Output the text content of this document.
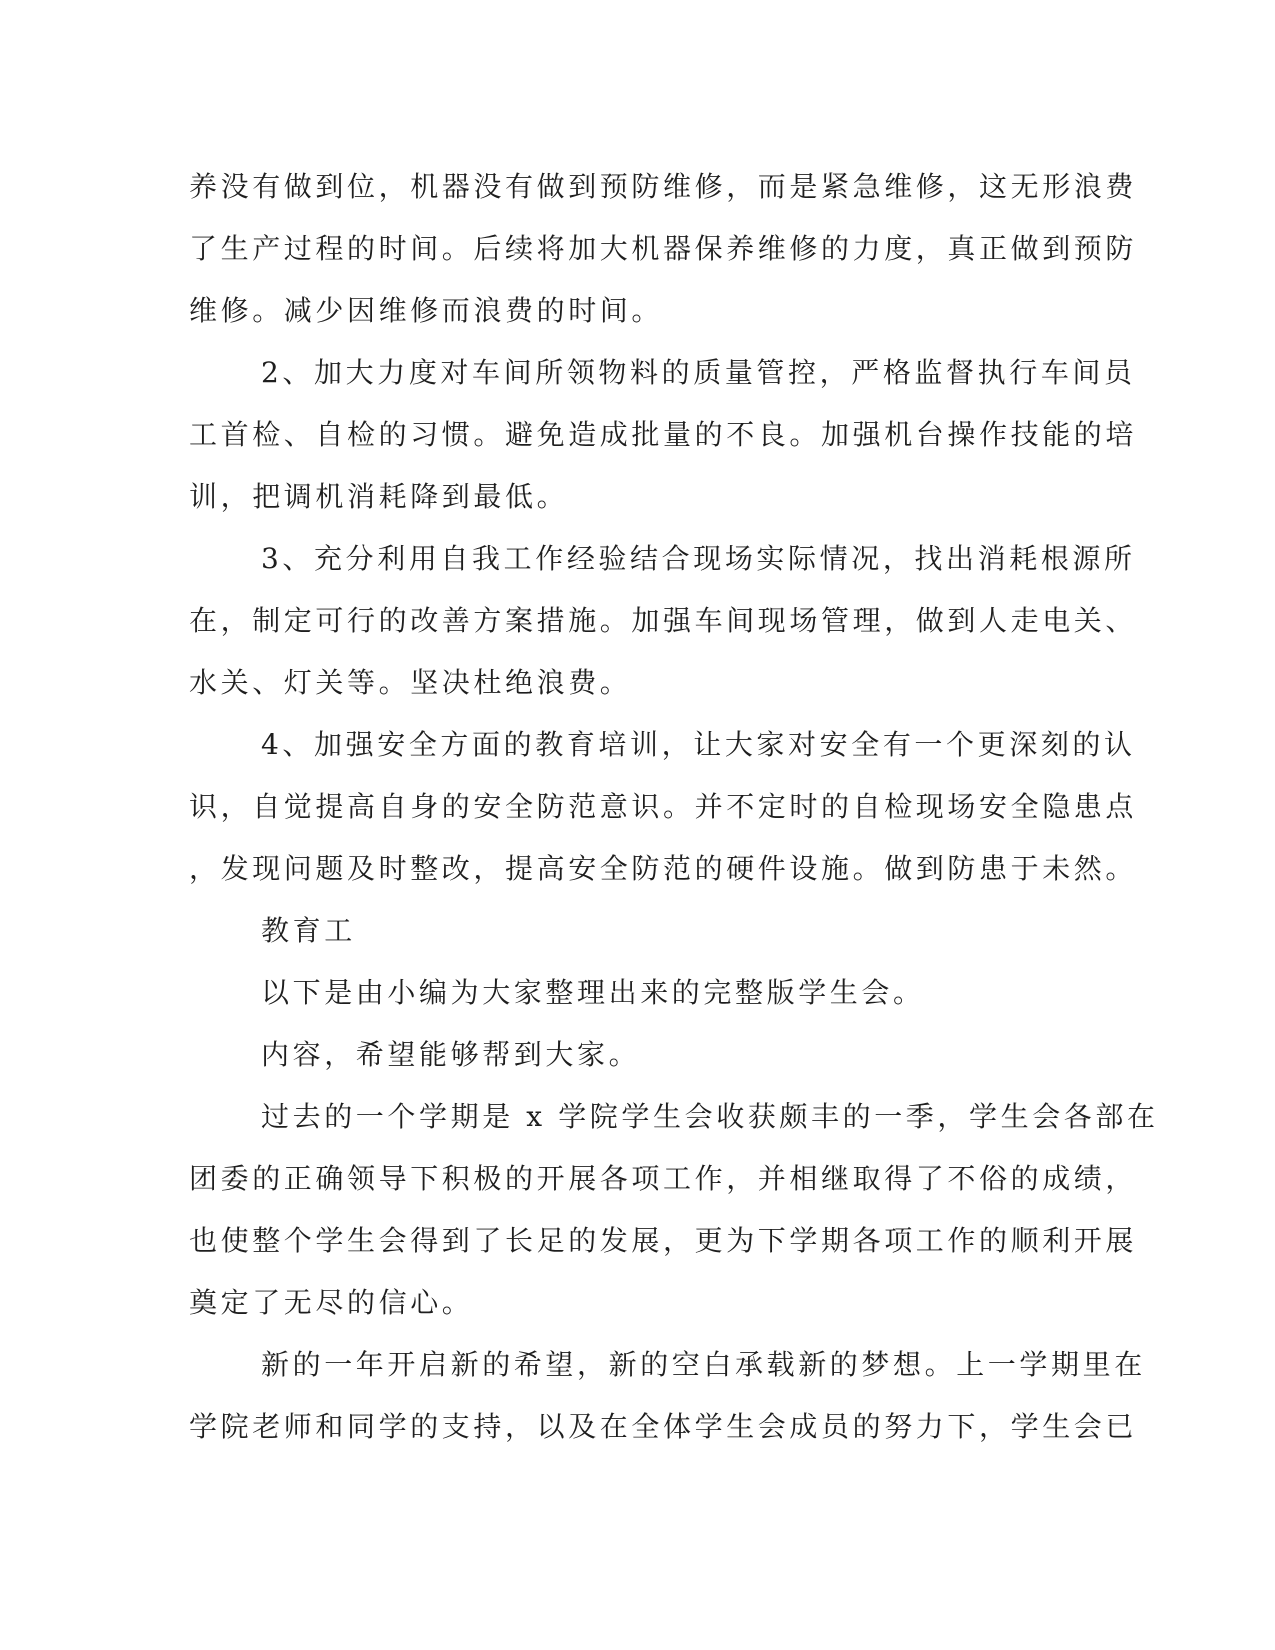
养没有做到位，机器没有做到预防维修，而是紧急维修，这无形浪费
了生产过程的时间。后续将加大机器保养维修的力度，真正做到预防
维修。减少因维修而浪费的时间。
2、加大力度对车间所领物料的质量管控，严格监督执行车间员
工首检、自检的习惯。避免造成批量的不良。加强机台操作技能的培
训，把调机消耗降到最低。
3、充分利用自我工作经验结合现场实际情况，找出消耗根源所
在，制定可行的改善方案措施。加强车间现场管理，做到人走电关、
水关、灯关等。坚决杜绝浪费。
4、加强安全方面的教育培训，让大家对安全有一个更深刻的认
识，自觉提高自身的安全防范意识。并不定时的自检现场安全隐患点
，发现问题及时整改，提高安全防范的硬件设施。做到防患于未然。
教育工
以下是由小编为大家整理出来的完整版学生会。
内容，希望能够帮到大家。
过去的一个学期是 x 学院学生会收获颇丰的一季，学生会各部在
团委的正确领导下积极的开展各项工作，并相继取得了不俗的成绩，
也使整个学生会得到了长足的发展，更为下学期各项工作的顺利开展
奠定了无尽的信心。
新的一年开启新的希望，新的空白承载新的梦想。上一学期里在
学院老师和同学的支持，以及在全体学生会成员的努力下，学生会已
